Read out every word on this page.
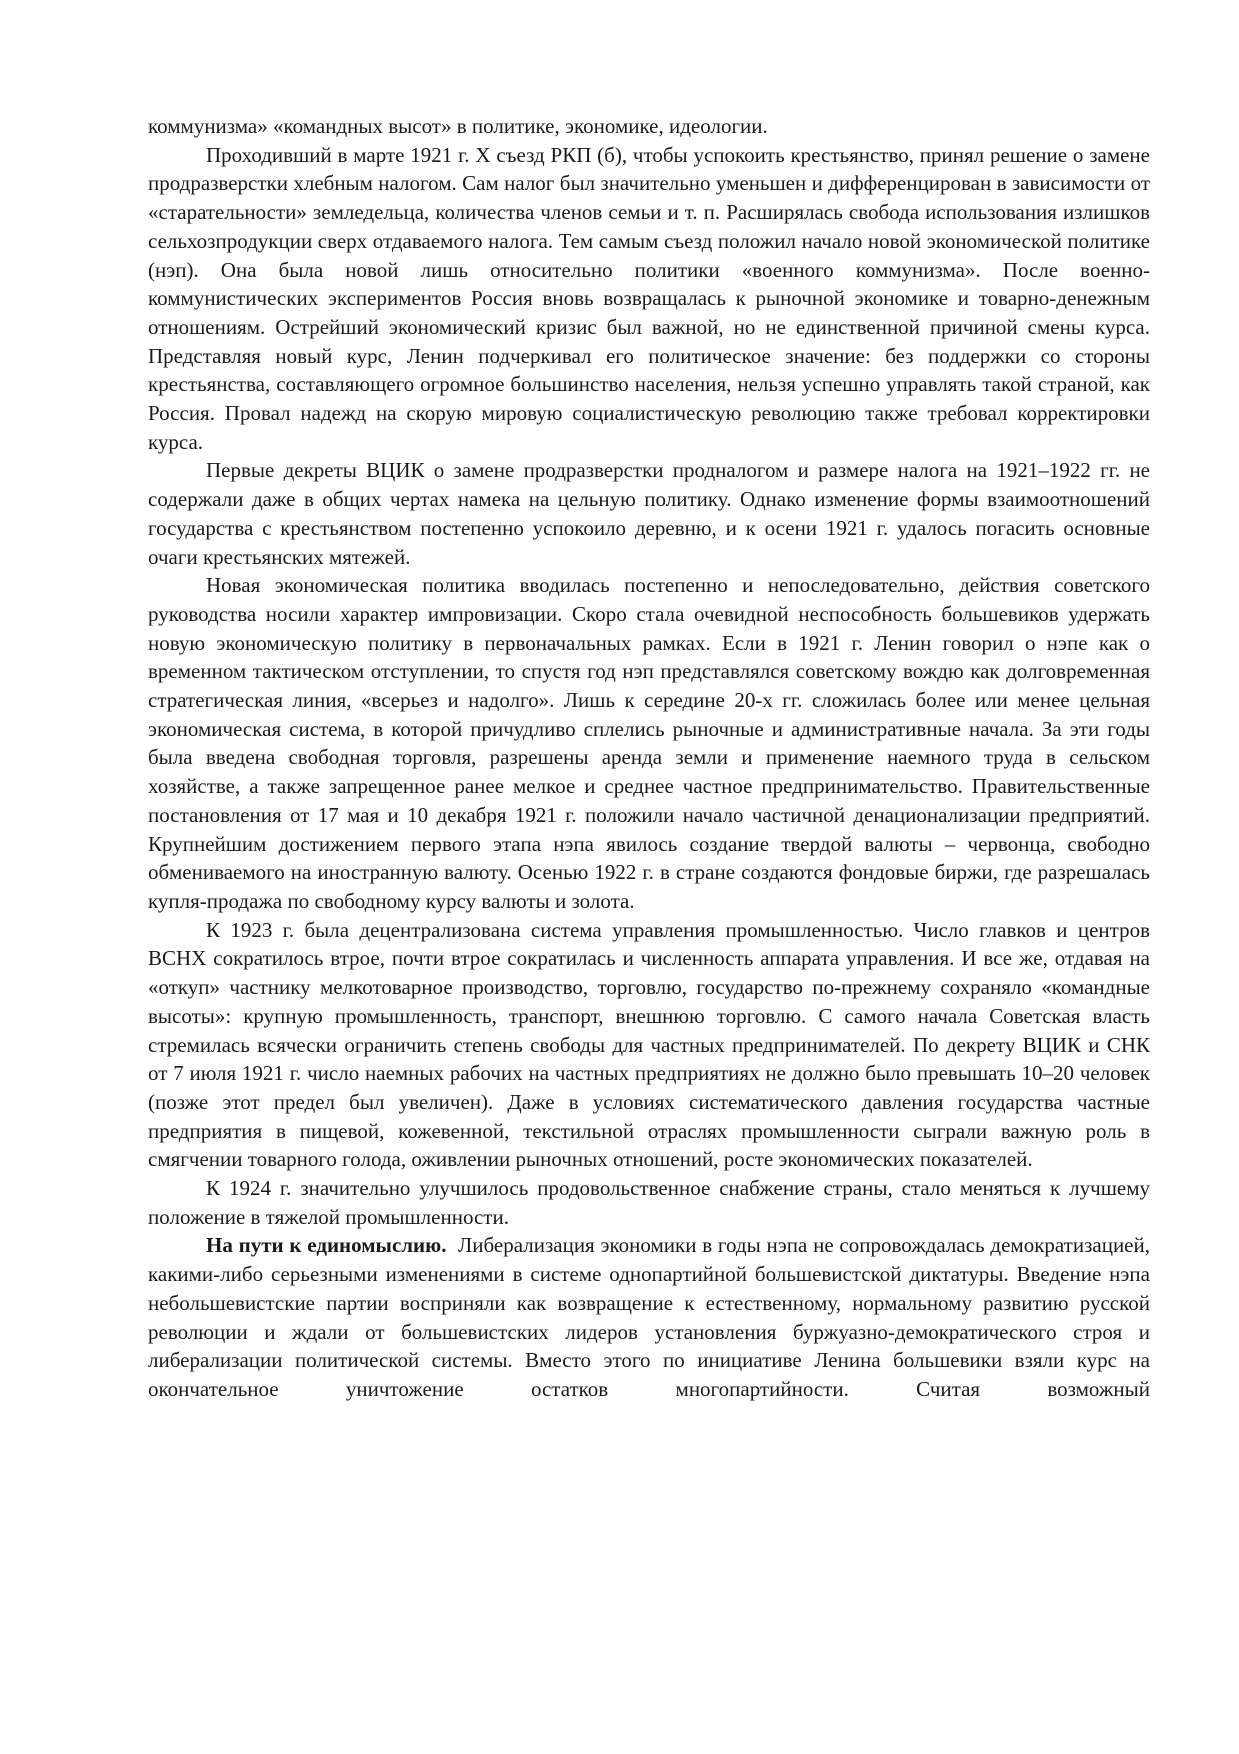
коммунизма» «командных высот» в политике, экономике, идеологии.

Проходивший в марте 1921 г. X съезд РКП (б), чтобы успокоить крестьянство, принял решение о замене продразверстки хлебным налогом. Сам налог был значительно уменьшен и дифференцирован в зависимости от «старательности» земледельца, количества членов семьи и т. п. Расширялась свобода использования излишков сельхозпродукции сверх отдаваемого налога. Тем самым съезд положил начало новой экономической политике (нэп). Она была новой лишь относительно политики «военного коммунизма». После военно-коммунистических экспериментов Россия вновь возвращалась к рыночной экономике и товарно-денежным отношениям. Острейший экономический кризис был важной, но не единственной причиной смены курса. Представляя новый курс, Ленин подчеркивал его политическое значение: без поддержки со стороны крестьянства, составляющего огромное большинство населения, нельзя успешно управлять такой страной, как Россия. Провал надежд на скорую мировую социалистическую революцию также требовал корректировки курса.

Первые декреты ВЦИК о замене продразверстки продналогом и размере налога на 1921–1922 гг. не содержали даже в общих чертах намека на цельную политику. Однако изменение формы взаимоотношений государства с крестьянством постепенно успокоило деревню, и к осени 1921 г. удалось погасить основные очаги крестьянских мятежей.

Новая экономическая политика вводилась постепенно и непоследовательно, действия советского руководства носили характер импровизации. Скоро стала очевидной неспособность большевиков удержать новую экономическую политику в первоначальных рамках. Если в 1921 г. Ленин говорил о нэпе как о временном тактическом отступлении, то спустя год нэп представлялся советскому вождю как долговременная стратегическая линия, «всерьез и надолго». Лишь к середине 20-х гг. сложилась более или менее цельная экономическая система, в которой причудливо сплелись рыночные и административные начала. За эти годы была введена свободная торговля, разрешены аренда земли и применение наемного труда в сельском хозяйстве, а также запрещенное ранее мелкое и среднее частное предпринимательство. Правительственные постановления от 17 мая и 10 декабря 1921 г. положили начало частичной денационализации предприятий. Крупнейшим достижением первого этапа нэпа явилось создание твердой валюты – червонца, свободно обмениваемого на иностранную валюту. Осенью 1922 г. в стране создаются фондовые биржи, где разрешалась купля-продажа по свободному курсу валюты и золота.

К 1923 г. была децентрализована система управления промышленностью. Число главков и центров ВСНХ сократилось втрое, почти втрое сократилась и численность аппарата управления. И все же, отдавая на «откуп» частнику мелкотоварное производство, торговлю, государство по-прежнему сохраняло «командные высоты»: крупную промышленность, транспорт, внешнюю торговлю. С самого начала Советская власть стремилась всячески ограничить степень свободы для частных предпринимателей. По декрету ВЦИК и СНК от 7 июля 1921 г. число наемных рабочих на частных предприятиях не должно было превышать 10–20 человек (позже этот предел был увеличен). Даже в условиях систематического давления государства частные предприятия в пищевой, кожевенной, текстильной отраслях промышленности сыграли важную роль в смягчении товарного голода, оживлении рыночных отношений, росте экономических показателей.

К 1924 г. значительно улучшилось продовольственное снабжение страны, стало меняться к лучшему положение в тяжелой промышленности.

На пути к единомыслию. Либерализация экономики в годы нэпа не сопровождалась демократизацией, какими-либо серьезными изменениями в системе однопартийной большевистской диктатуры. Введение нэпа небольшевистские партии восприняли как возвращение к естественному, нормальному развитию русской революции и ждали от большевистских лидеров установления буржуазно-демократического строя и либерализации политической системы. Вместо этого по инициативе Ленина большевики взяли курс на окончательное уничтожение остатков многопартийности. Считая возможный
